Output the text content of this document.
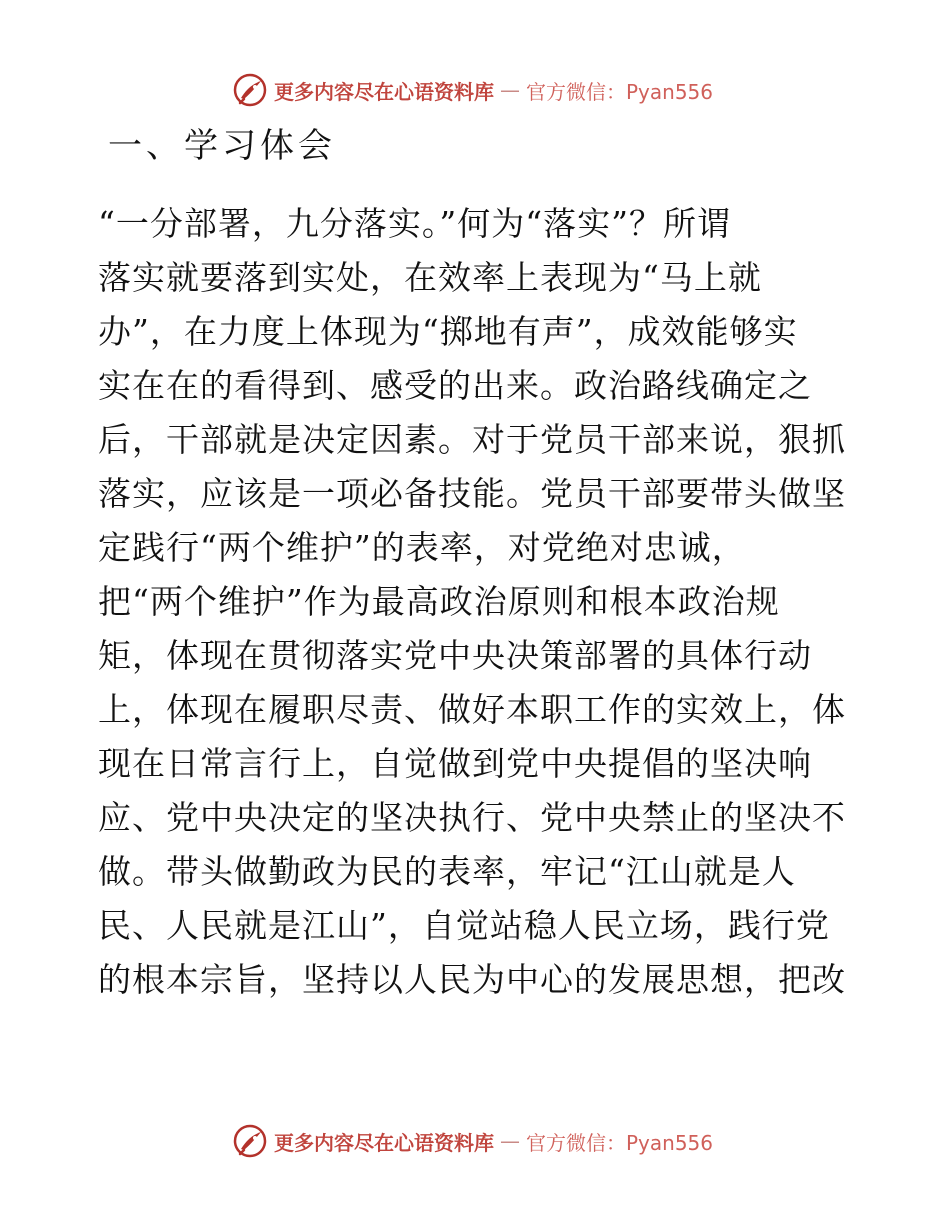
更多内容尽在心语资料库 — 官方微信：Pyan556
一、学习体会
“一分部署，九分落实。”何为“落实”？所谓
落实就要落到实处，在效率上表现为“马上就
办”，在力度上体现为“掷地有声”，成效能够实
实在在的看得到、感受的出来。政治路线确定之
后，干部就是决定因素。对于党员干部来说，狠抓
落实，应该是一项必备技能。党员干部要带头做坚
定践行“两个维护”的表率，对党绝对忠诚，
把“两个维护”作为最高政治原则和根本政治规
矩，体现在贯彻落实党中央决策部署的具体行动
上，体现在履职尽责、做好本职工作的实效上，体
现在日常言行上，自觉做到党中央提倡的坚决响
应、党中央决定的坚决执行、党中央禁止的坚决不
做。带头做勤政为民的表率，牢记“江山就是人
民、人民就是江山”，自觉站稳人民立场，践行党
的根本宗旨，坚持以人民为中心的发展思想，把改
更多内容尽在心语资料库 — 官方微信：Pyan556
